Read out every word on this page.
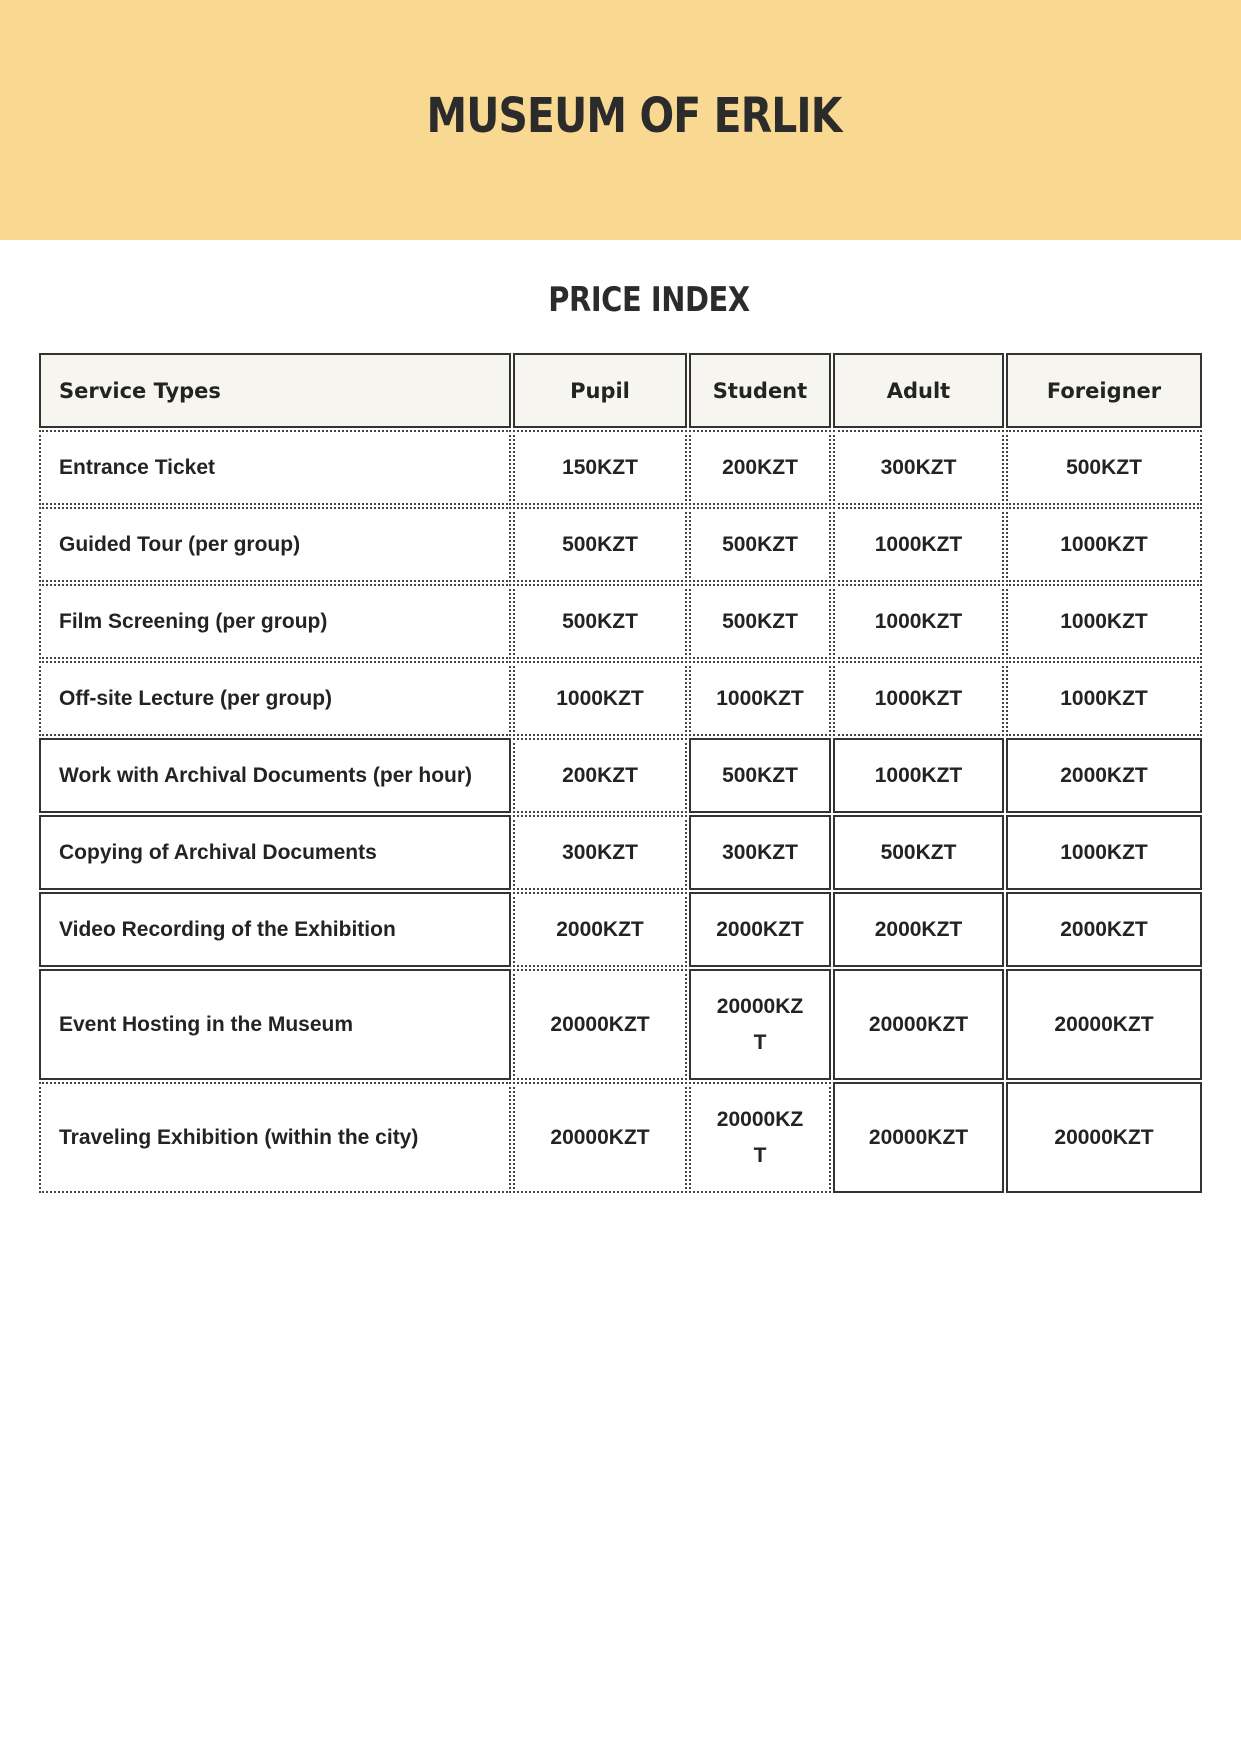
MUSEUM OF ERLIK
PRICE INDEX
Service Types	Pupil	Student	Adult	Foreigner
Entrance Ticket	150KZT	200KZT	300KZT	500KZT
Guided Tour (per group)	500KZT	500KZT	1000KZT	1000KZT
Film Screening (per group)	500KZT	500KZT	1000KZT	1000KZT
Off-site Lecture (per group)	1000KZT	1000KZT	1000KZT	1000KZT
Work with Archival Documents (per hour)	200KZT	500KZT	1000KZT	2000KZT
Copying of Archival Documents	300KZT	300KZT	500KZT	1000KZT
Video Recording of the Exhibition	2000KZT	2000KZT	2000KZT	2000KZT
Event Hosting in the Museum	20000KZT	20000KZT	20000KZT	20000KZT
Traveling Exhibition (within the city)	20000KZT	20000KZT	20000KZT	20000KZT
